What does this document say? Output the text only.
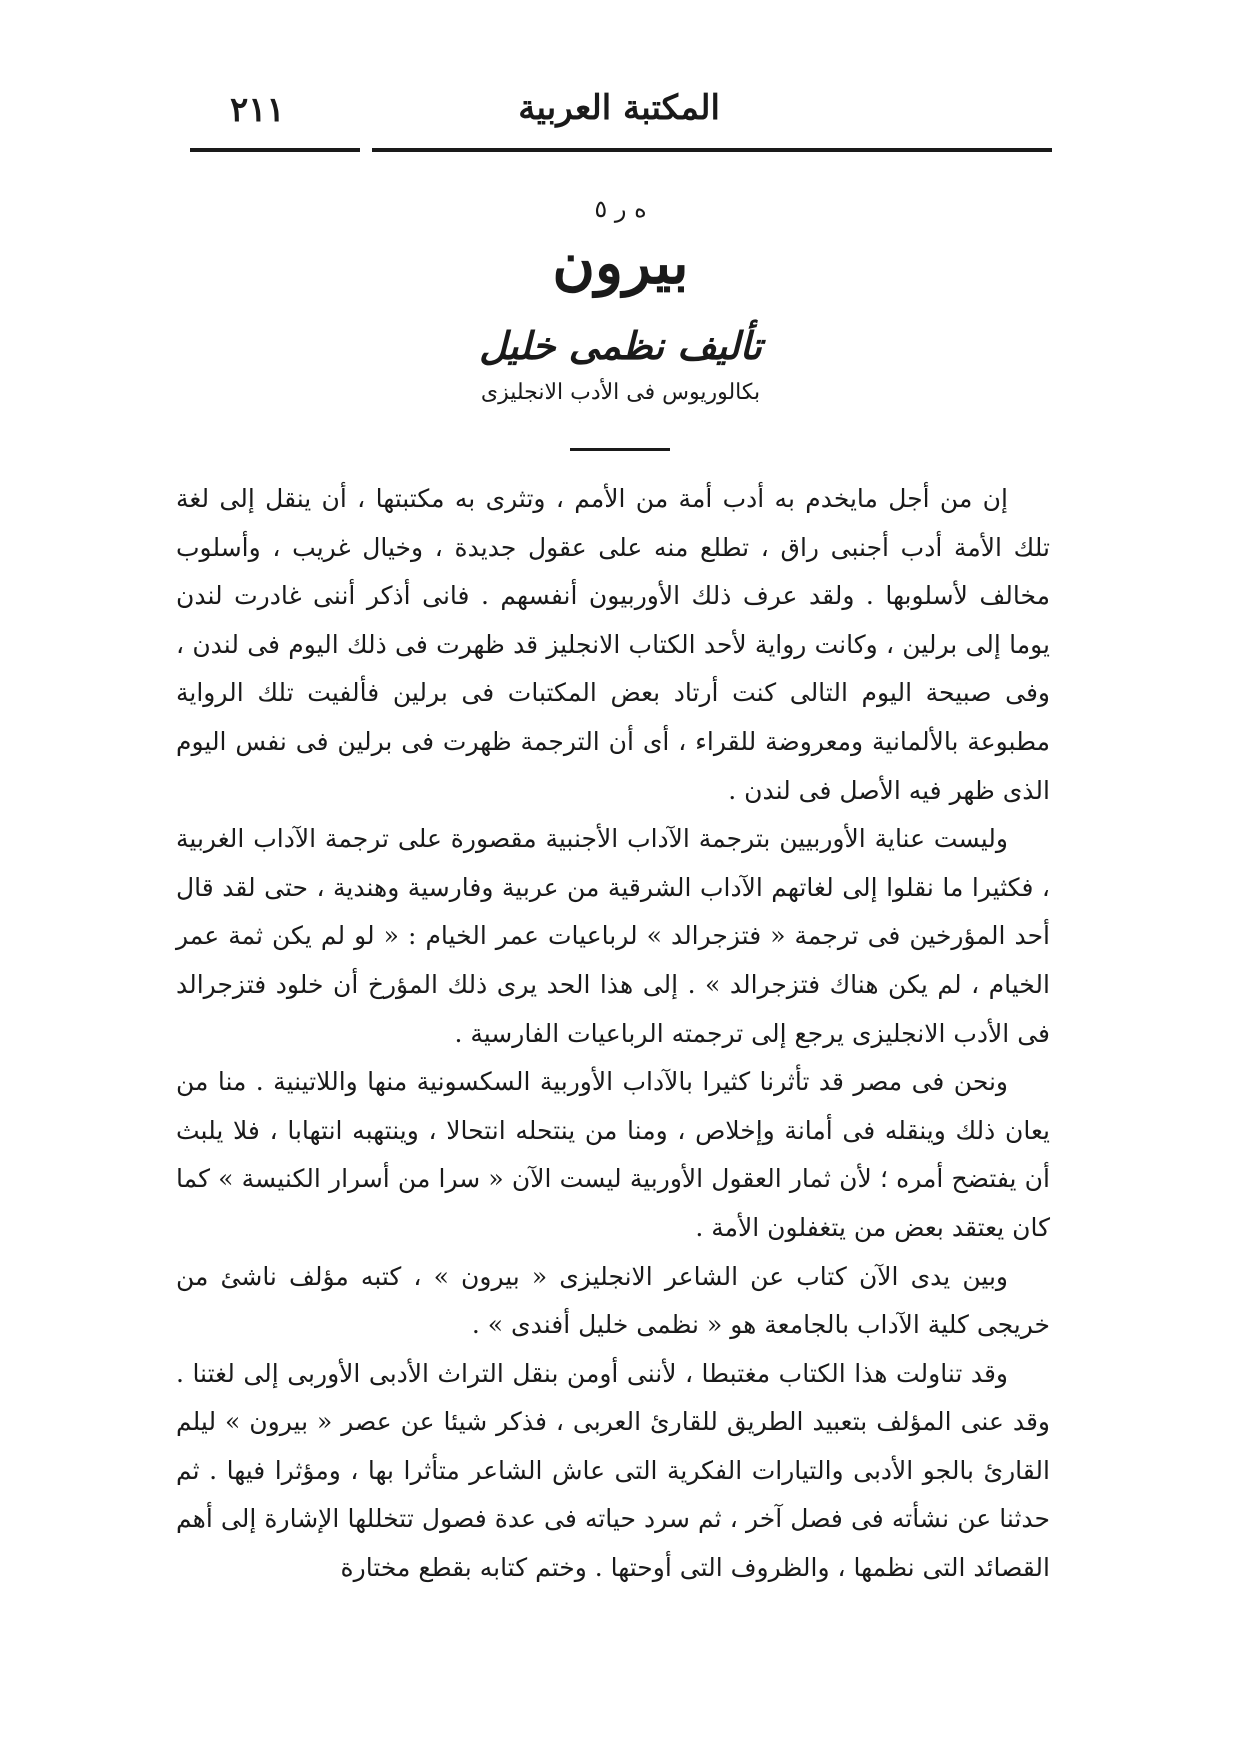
المكتبة العربية
٢١١
ه ر ٥
بيرون
تأليف نظمى خليل
بكالوريوس فى الأدب الانجليزى

إن من أجل مايخدم به أدب أمة من الأمم ، وتثرى به مكتبتها ، أن ينقل إلى لغة تلك الأمة أدب أجنبى راق ، تطلع منه على عقول جديدة ، وخيال غريب ، وأسلوب مخالف لأسلوبها . ولقد عرف ذلك الأوربيون أنفسهم . فانى أذكر أننى غادرت لندن يوما إلى برلين ، وكانت رواية لأحد الكتاب الانجليز قد ظهرت فى ذلك اليوم فى لندن ، وفى صبيحة اليوم التالى كنت أرتاد بعض المكتبات فى برلين فألفيت تلك الرواية مطبوعة بالألمانية ومعروضة للقراء ، أى أن الترجمة ظهرت فى برلين فى نفس اليوم الذى ظهر فيه الأصل فى لندن .

وليست عناية الأوربيين بترجمة الآداب الأجنبية مقصورة على ترجمة الآداب الغربية ، فكثيرا ما نقلوا إلى لغاتهم الآداب الشرقية من عربية وفارسية وهندية ، حتى لقد قال أحد المؤرخين فى ترجمة « فتزجرالد » لرباعيات عمر الخيام : « لو لم يكن ثمة عمر الخيام ، لم يكن هناك فتزجرالد » . إلى هذا الحد يرى ذلك المؤرخ أن خلود فتزجرالد فى الأدب الانجليزى يرجع إلى ترجمته الرباعيات الفارسية .

ونحن فى مصر قد تأثرنا كثيرا بالآداب الأوربية السكسونية منها واللاتينية . منا من يعان ذلك وينقله فى أمانة وإخلاص ، ومنا من ينتحله انتحالا ، وينتهبه انتهابا ، فلا يلبث أن يفتضح أمره ؛ لأن ثمار العقول الأوربية ليست الآن « سرا من أسرار الكنيسة » كما كان يعتقد بعض من يتغفلون الأمة .

وبين يدى الآن كتاب عن الشاعر الانجليزى « بيرون » ، كتبه مؤلف ناشئ من خريجى كلية الآداب بالجامعة هو « نظمى خليل أفندى » .

وقد تناولت هذا الكتاب مغتبطا ، لأننى أومن بنقل التراث الأدبى الأوربى إلى لغتنا . وقد عنى المؤلف بتعبيد الطريق للقارئ العربى ، فذكر شيئا عن عصر « بيرون » ليلم القارئ بالجو الأدبى والتيارات الفكرية التى عاش الشاعر متأثرا بها ، ومؤثرا فيها . ثم حدثنا عن نشأته فى فصل آخر ، ثم سرد حياته فى عدة فصول تتخللها الإشارة إلى أهم القصائد التى نظمها ، والظروف التى أوحتها . وختم كتابه بقطع مختارة
